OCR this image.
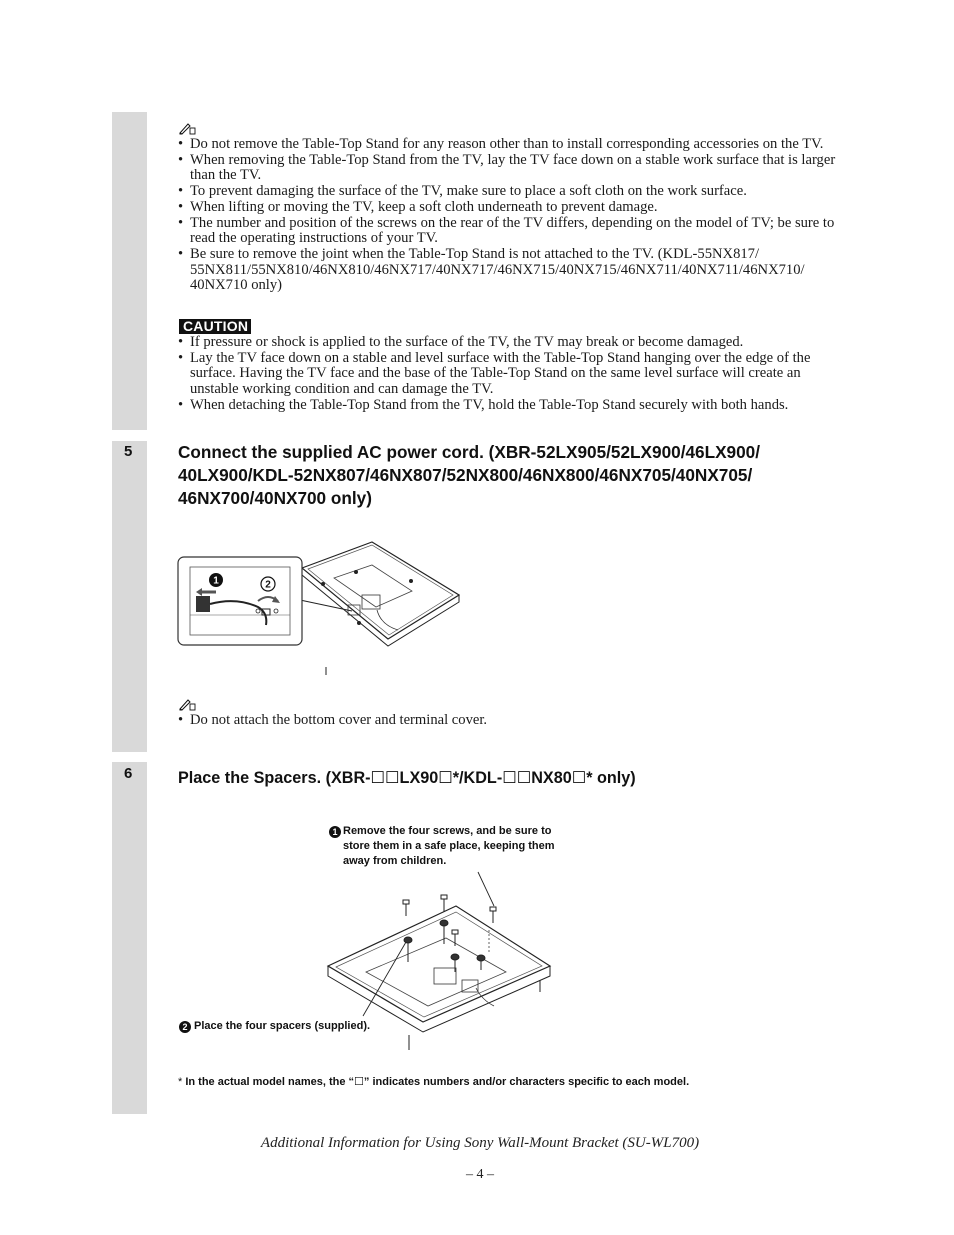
• Do not remove the Table-Top Stand for any reason other than to install corresponding accessories on the TV.
• When removing the Table-Top Stand from the TV, lay the TV face down on a stable work surface that is larger than the TV.
• To prevent damaging the surface of the TV, make sure to place a soft cloth on the work surface.
• When lifting or moving the TV, keep a soft cloth underneath to prevent damage.
• The number and position of the screws on the rear of the TV differs, depending on the model of TV; be sure to read the operating instructions of your TV.
• Be sure to remove the joint when the Table-Top Stand is not attached to the TV. (KDL-55NX817/ 55NX811/55NX810/46NX810/46NX717/40NX717/46NX715/40NX715/46NX711/40NX711/46NX710/ 40NX710 only)
CAUTION
• If pressure or shock is applied to the surface of the TV, the TV may break or become damaged.
• Lay the TV face down on a stable and level surface with the Table-Top Stand hanging over the edge of the surface. Having the TV face and the base of the Table-Top Stand on the same level surface will create an unstable working condition and can damage the TV.
• When detaching the Table-Top Stand from the TV, hold the Table-Top Stand securely with both hands.
5	Connect the supplied AC power cord. (XBR-52LX905/52LX900/46LX900/ 40LX900/KDL-52NX807/46NX807/52NX800/46NX800/46NX705/40NX705/ 46NX700/40NX700 only)
1	2
• Do not attach the bottom cover and terminal cover.
6	Place the Spacers. (XBR-☐☐LX90☐*/KDL-☐☐NX80☐* only)
1 Remove the four screws, and be sure to store them in a safe place, keeping them away from children.
2 Place the four spacers (supplied).
* In the actual model names, the “☐” indicates numbers and/or characters specific to each model.
Additional Information for Using Sony Wall-Mount Bracket (SU-WL700)
– 4 –
